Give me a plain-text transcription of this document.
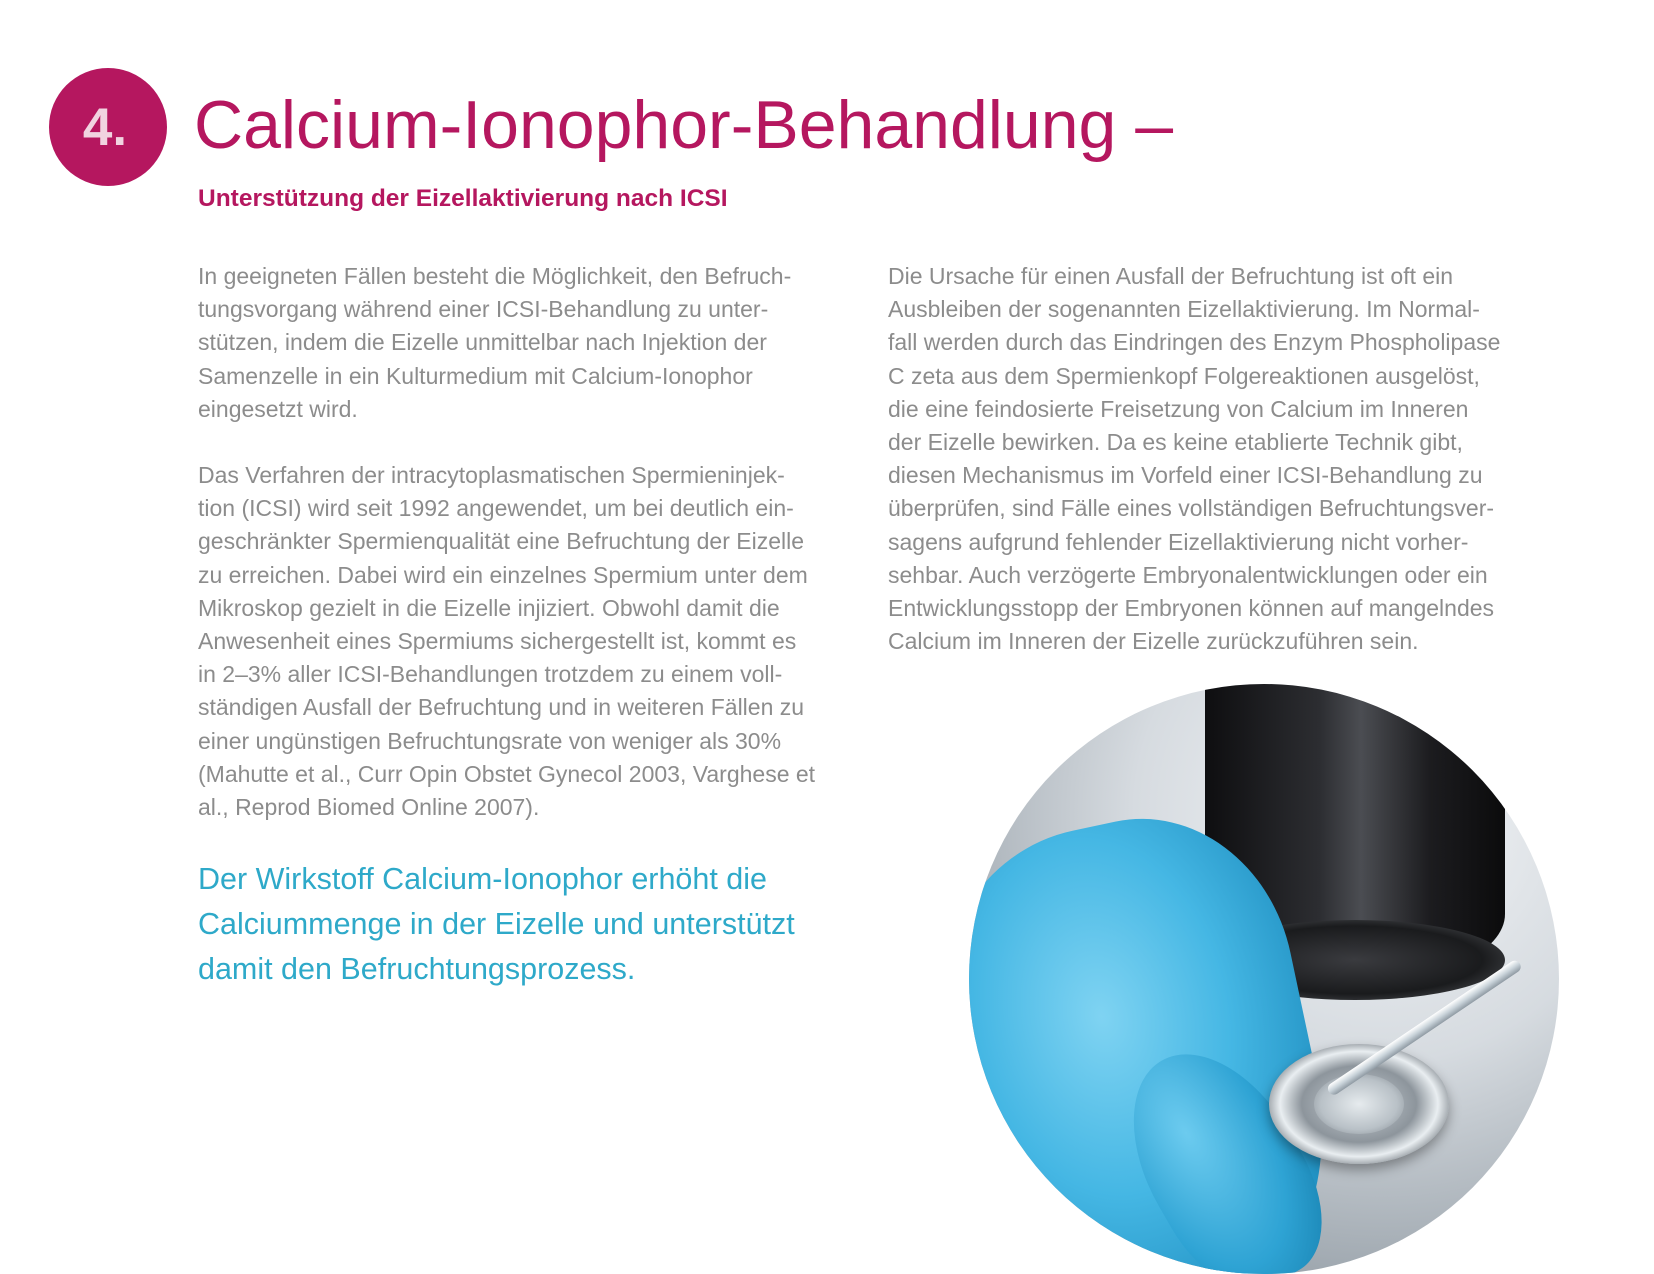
4. Calcium-Ionophor-Behandlung –
Unterstützung der Eizellaktivierung nach ICSI

In geeigneten Fällen besteht die Möglichkeit, den Befruch-

tungsvorgang während einer ICSI-Behandlung zu unter-

stützen, indem die Eizelle unmittelbar nach Injektion der

Samenzelle in ein Kulturmedium mit Calcium-Ionophor

eingesetzt wird.

Das Verfahren der intracytoplasmatischen Spermieninjek-

tion (ICSI) wird seit 1992 angewendet, um bei deutlich ein-

geschränkter Spermienqualität eine Befruchtung der Eizelle

zu erreichen. Dabei wird ein einzelnes Spermium unter dem

Mikroskop gezielt in die Eizelle injiziert. Obwohl damit die

Anwesenheit eines Spermiums sichergestellt ist, kommt es

in 2–3% aller ICSI-Behandlungen trotzdem zu einem voll-

ständigen Ausfall der Befruchtung und in weiteren Fällen zu

einer ungünstigen Befruchtungsrate von weniger als 30%

(Mahutte et al., Curr Opin Obstet Gynecol 2003, Varghese et

al., Reprod Biomed Online 2007).

Der Wirkstoff Calcium-Ionophor erhöht die

Calciummenge in der Eizelle und unterstützt

damit den Befruchtungsprozess.

Die Ursache für einen Ausfall der Befruchtung ist oft ein

Ausbleiben der sogenannten Eizellaktivierung. Im Normal-

fall werden durch das Eindringen des Enzym Phospholipase

C zeta aus dem Spermienkopf Folgereaktionen ausgelöst,

die eine feindosierte Freisetzung von Calcium im Inneren

der Eizelle bewirken. Da es keine etablierte Technik gibt,

diesen Mechanismus im Vorfeld einer ICSI-Behandlung zu

überprüfen, sind Fälle eines vollständigen Befruchtungsver-

sagens aufgrund fehlender Eizellaktivierung nicht vorher-

sehbar. Auch verzögerte Embryonalentwicklungen oder ein

Entwicklungsstopp der Embryonen können auf mangelndes

Calcium im Inneren der Eizelle zurückzuführen sein.
